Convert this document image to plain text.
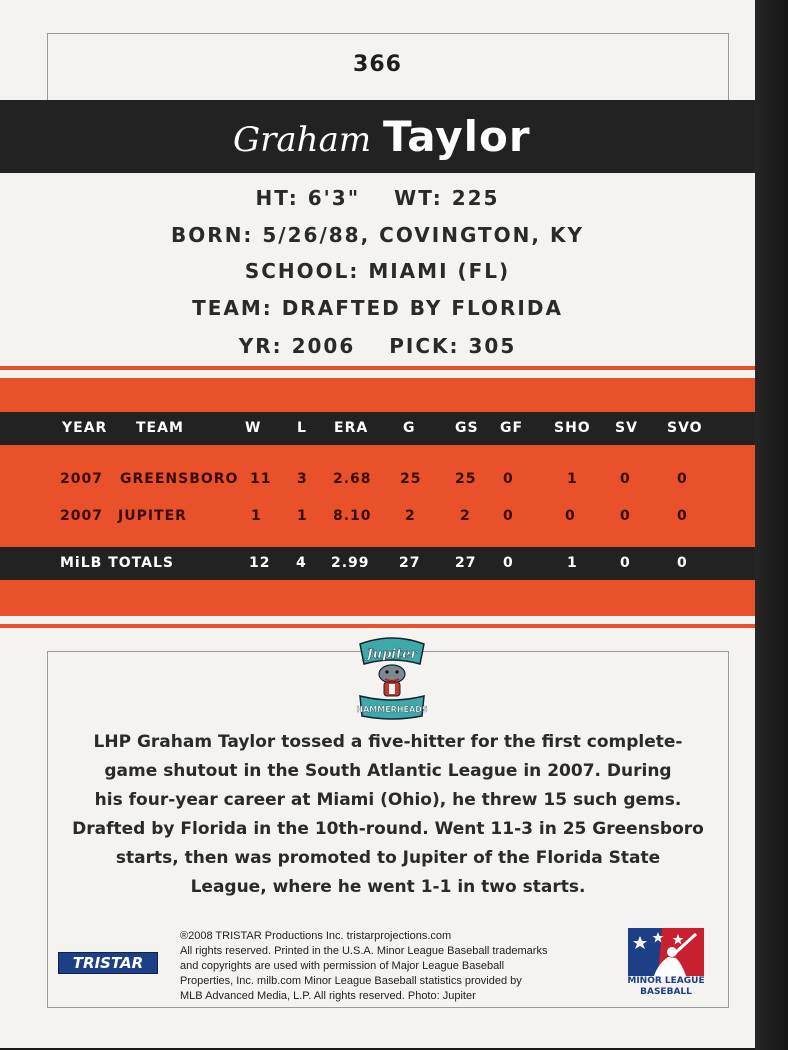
366
Graham Taylor
HT: 6'3" WT: 225
BORN: 5/26/88, COVINGTON, KY
SCHOOL: MIAMI (FL)
TEAM: DRAFTED BY FLORIDA
YR: 2006 PICK: 305
YEAR TEAM	W	L ERA G	GS GF SHO SV SVO
2007 GREENSBORO 11 3 2.68 25 25 0	1	0	0
2007 JUPITER	1	1 8.10 2	2 0	0	0	0
MiLB TOTALS	12 4 2.99 27 27 0	1	0	0
Jupiter
HAMMERHEADS
LHP Graham Taylor tossed a five-hitter for the first complete-
game shutout in the South Atlantic League in 2007. During
his four-year career at Miami (Ohio), he threw 15 such gems.
Drafted by Florida in the 10th-round. Went 11-3 in 25 Greensboro
starts, then was promoted to Jupiter of the Florida State
League, where he went 1-1 in two starts.
TRISTAR
®2008 TRISTAR Productions Inc. tristarprojections.com
All rights reserved. Printed in the U.S.A. Minor League Baseball trademarks
and copyrights are used with permission of Major League Baseball
Properties, Inc. milb.com Minor League Baseball statistics provided by
MLB Advanced Media, L.P. All rights reserved. Photo: Jupiter
MINOR LEAGUE
BASEBALL
